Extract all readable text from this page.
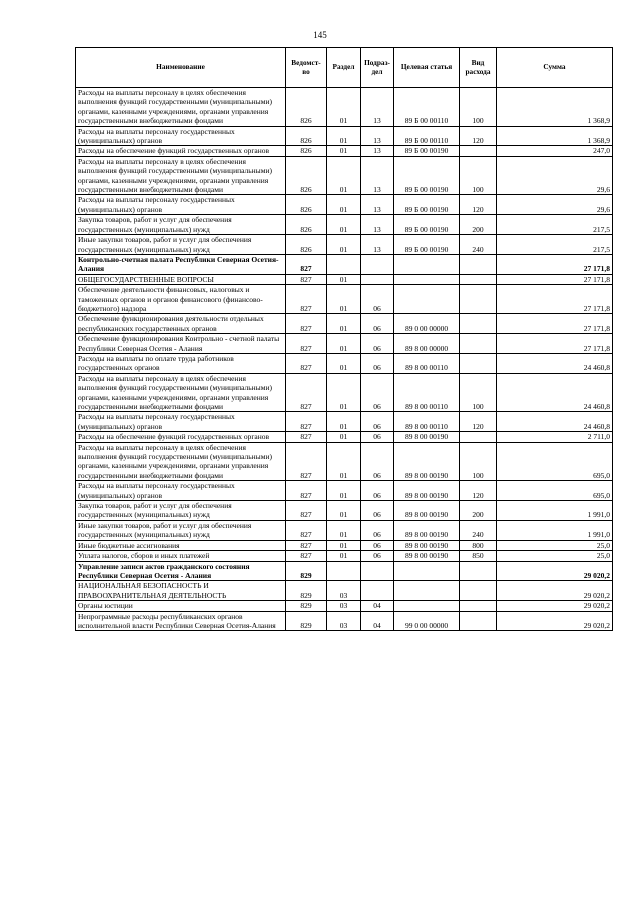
145
Наименование	Ведомст-во	Раздел	Подраз-дел	Целевая статья	Вид расхода	Сумма
Расходы на выплаты персоналу в целях обеспечения выполнения функций государственными (муниципальными) органами, казенными учреждениями, органами управления государственными внебюджетными фондами	826	01	13	89 Б 00 00110	100	1 368,9
Расходы на выплаты персоналу государственных (муниципальных) органов	826	01	13	89 Б 00 00110	120	1 368,9
Расходы на обеспечение функций государственных органов	826	01	13	89 Б 00 00190		247,0
Расходы на выплаты персоналу в целях обеспечения выполнения функций государственными (муниципальными) органами, казенными учреждениями, органами управления государственными внебюджетными фондами	826	01	13	89 Б 00 00190	100	29,6
Расходы на выплаты персоналу государственных (муниципальных) органов	826	01	13	89 Б 00 00190	120	29,6
Закупка товаров, работ и услуг для обеспечения государственных (муниципальных) нужд	826	01	13	89 Б 00 00190	200	217,5
Иные закупки товаров, работ и услуг для обеспечения государственных (муниципальных) нужд	826	01	13	89 Б 00 00190	240	217,5
Контрольно-счетная палата Республики Северная Осетия-Алания	827					27 171,8
ОБЩЕГОСУДАРСТВЕННЫЕ ВОПРОСЫ	827	01				27 171,8
Обеспечение деятельности финансовых, налоговых и таможенных органов и органов финансового (финансово-бюджетного) надзора	827	01	06			27 171,8
Обеспечение функционирования деятельности отдельных республиканских государственных органов	827	01	06	89 0 00 00000		27 171,8
Обеспечение функционирования Контрольно - счетной палаты Республики Северная Осетия - Алания	827	01	06	89 8 00 00000		27 171,8
Расходы на выплаты по оплате труда работников государственных органов	827	01	06	89 8 00 00110		24 460,8
Расходы на выплаты персоналу в целях обеспечения выполнения функций государственными (муниципальными) органами, казенными учреждениями, органами управления государственными внебюджетными фондами	827	01	06	89 8 00 00110	100	24 460,8
Расходы на выплаты персоналу государственных (муниципальных) органов	827	01	06	89 8 00 00110	120	24 460,8
Расходы на обеспечение функций государственных органов	827	01	06	89 8 00 00190		2 711,0
Расходы на выплаты персоналу в целях обеспечения выполнения функций государственными (муниципальными) органами, казенными учреждениями, органами управления государственными внебюджетными фондами	827	01	06	89 8 00 00190	100	695,0
Расходы на выплаты персоналу государственных (муниципальных) органов	827	01	06	89 8 00 00190	120	695,0
Закупка товаров, работ и услуг для обеспечения государственных (муниципальных) нужд	827	01	06	89 8 00 00190	200	1 991,0
Иные закупки товаров, работ и услуг для обеспечения государственных (муниципальных) нужд	827	01	06	89 8 00 00190	240	1 991,0
Иные бюджетные ассигнования	827	01	06	89 8 00 00190	800	25,0
Уплата налогов, сборов и иных платежей	827	01	06	89 8 00 00190	850	25,0
Управление записи актов гражданского состояния Республики Северная Осетия - Алания	829					29 020,2
НАЦИОНАЛЬНАЯ БЕЗОПАСНОСТЬ И ПРАВООХРАНИТЕЛЬНАЯ ДЕЯТЕЛЬНОСТЬ	829	03				29 020,2
Органы юстиции	829	03	04			29 020,2
Непрограммные расходы республиканских органов исполнительной власти Республики Северная Осетия-Алания	829	03	04	99 0 00 00000		29 020,2
